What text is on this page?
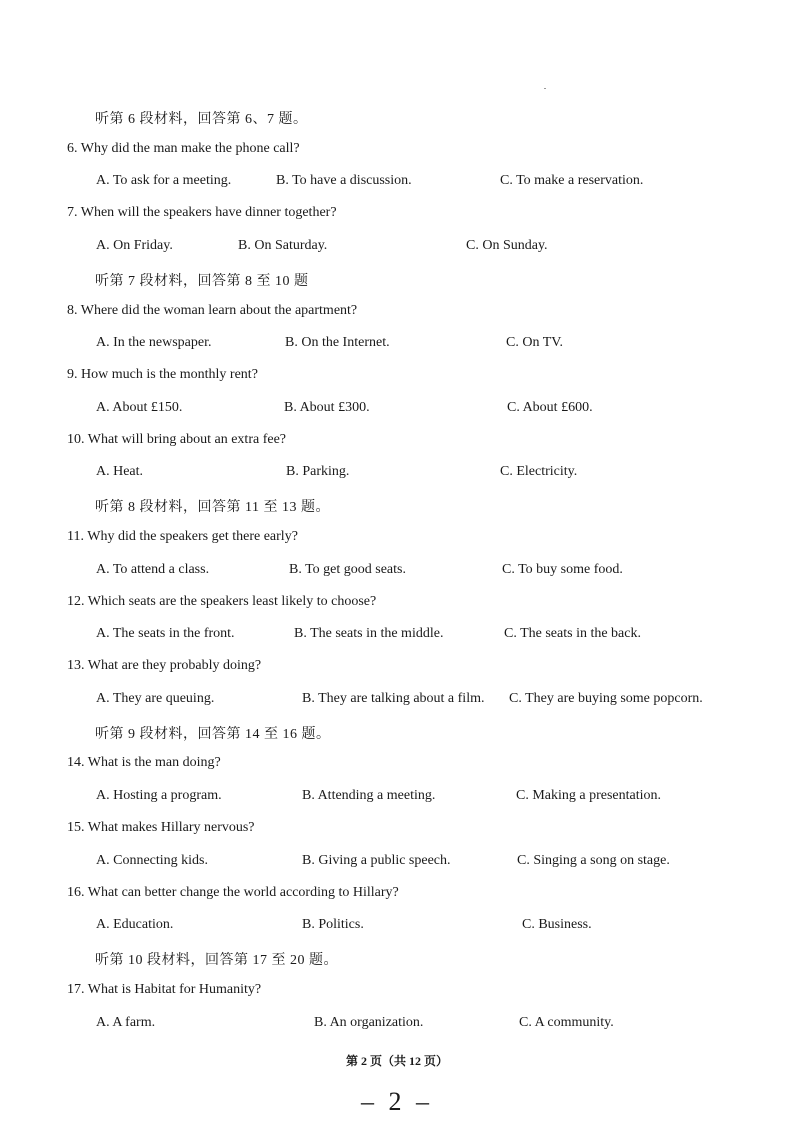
听第 6 段材料，回答第 6、7 题。
6. Why did the man make the phone call?
A. To ask for a meeting.	B. To have a discussion.	C. To make a reservation.
7. When will the speakers have dinner together?
A. On Friday.	B. On Saturday.	C. On Sunday.
听第 7 段材料，回答第 8 至 10 题
8. Where did the woman learn about the apartment?
A. In the newspaper.	B. On the Internet.	C. On TV.
9. How much is the monthly rent?
A. About £150.	B. About £300.	C. About £600.
10. What will bring about an extra fee?
A. Heat.	B. Parking.	C. Electricity.
听第 8 段材料，回答第 11 至 13 题。
11. Why did the speakers get there early?
A. To attend a class.	B. To get good seats.	C. To buy some food.
12. Which seats are the speakers least likely to choose?
A. The seats in the front.	B. The seats in the middle.	C. The seats in the back.
13. What are they probably doing?
A. They are queuing.	B. They are talking about a film. C. They are buying some popcorn.
听第 9 段材料，回答第 14 至 16 题。
14. What is the man doing?
A. Hosting a program.	B. Attending a meeting.	C. Making a presentation.
15. What makes Hillary nervous?
A. Connecting kids.	B. Giving a public speech.	C. Singing a song on stage.
16. What can better change the world according to Hillary?
A. Education.	B. Politics.	C. Business.
听第 10 段材料，回答第 17 至 20 题。
17. What is Habitat for Humanity?
A. A farm.	B. An organization.	C. A community.
第 2 页（共 12 页）
– 2 –
